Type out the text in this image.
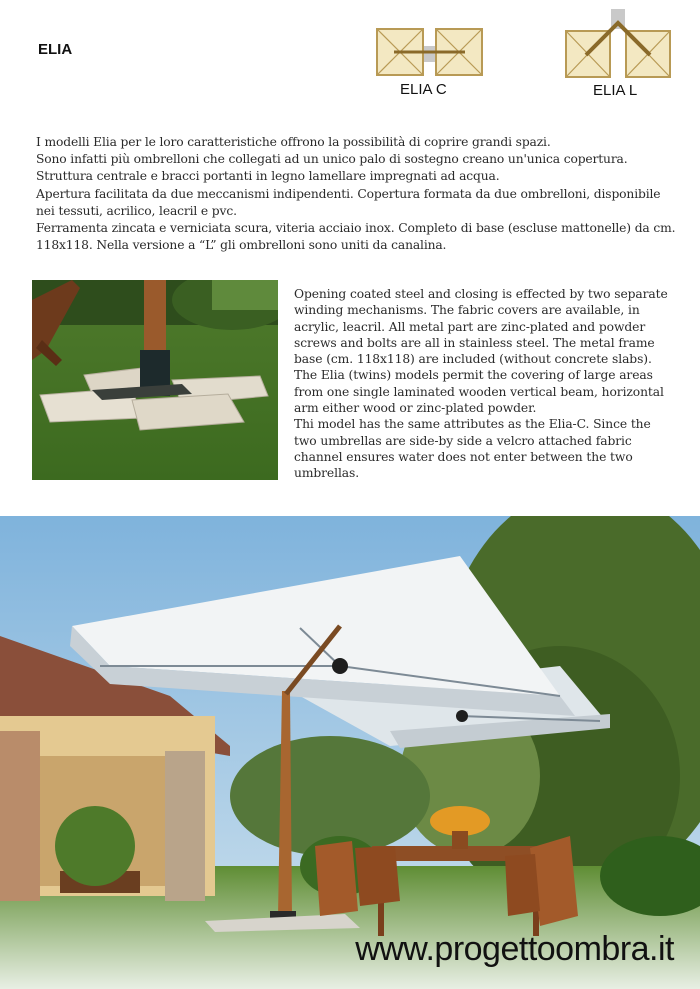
ELIA
ELIA C	ELIA L

I modelli Elia per le loro caratteristiche offrono la possibilità di coprire grandi spazi.

Sono infatti più ombrelloni che collegati ad un unico palo di sostegno creano un'unica copertura.

Struttura centrale e bracci portanti in legno lamellare impregnati ad acqua.

Apertura facilitata da due meccanismi indipendenti. Copertura formata da due ombrelloni, disponibile nei tessuti, acrilico, leacril e pvc.

Ferramenta zincata e verniciata scura, viteria acciaio inox. Completo di base (escluse mattonelle) da cm. 118x118. Nella versione a “L” gli ombrelloni sono uniti da canalina.

Opening coated steel and closing is effected by two separate winding mechanisms. The fabric covers are available, in acrylic, leacril. All metal part are zinc-plated and powder screws and bolts are all in stainless steel. The metal frame base (cm. 118x118) are included (without concrete slabs).

The Elia (twins) models permit the covering of large areas from one single laminated wooden vertical beam, horizontal arm either wood or zinc-plated powder.

Thi model has the same attributes as the Elia-C. Since the two umbrellas are side-by side a velcro attached fabric channel ensures water does not enter between the two umbrellas.

www.progettoombra.it
